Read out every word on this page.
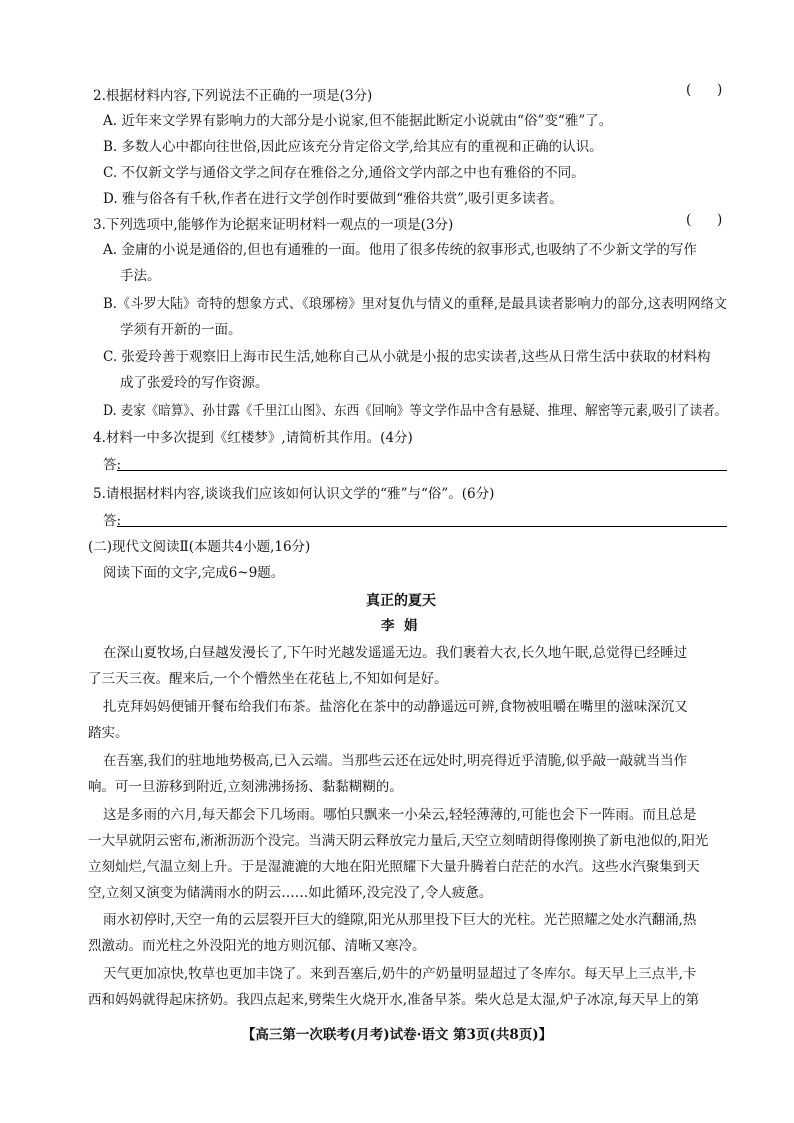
2.根据材料内容,下列说法不正确的一项是(3分)	(      )
A. 近年来文学界有影响力的大部分是小说家,但不能据此断定小说就由“俗”变“雅”了。
B. 多数人心中都向往世俗,因此应该充分肯定俗文学,给其应有的重视和正确的认识。
C. 不仅新文学与通俗文学之间存在雅俗之分,通俗文学内部之中也有雅俗的不同。
D. 雅与俗各有千秋,作者在进行文学创作时要做到“雅俗共赏”,吸引更多读者。
3.下列选项中,能够作为论据来证明材料一观点的一项是(3分)	(      )
A. 金庸的小说是通俗的,但也有通雅的一面。他用了很多传统的叙事形式,也吸纳了不少新文学的写作
手法。
B.《斗罗大陆》奇特的想象方式、《琅琊榜》里对复仇与情义的重释,是最具读者影响力的部分,这表明网络文
学须有开新的一面。
C. 张爱玲善于观察旧上海市民生活,她称自己从小就是小报的忠实读者,这些从日常生活中获取的材料构
成了张爱玲的写作资源。
D. 麦家《暗算》、孙甘露《千里江山图》、东西《回响》等文学作品中含有悬疑、推理、解密等元素,吸引了读者。
4.材料一中多次提到《红楼梦》,请简析其作用。(4分)
答:
5.请根据材料内容,谈谈我们应该如何认识文学的“雅”与“俗”。(6分)
答:
(二)现代文阅读Ⅱ(本题共4小题,16分)
阅读下面的文字,完成6~9题。
真正的夏天
李  娟
在深山夏牧场,白昼越发漫长了,下午时光越发遥遥无边。我们裹着大衣,长久地午眠,总觉得已经睡过
了三天三夜。醒来后,一个个懵然坐在花毡上,不知如何是好。
扎克拜妈妈便铺开餐布给我们布茶。盐溶化在茶中的动静遥远可辨,食物被咀嚼在嘴里的滋味深沉又
踏实。
在吾塞,我们的驻地地势极高,已入云端。当那些云还在远处时,明亮得近乎清脆,似乎敲一敲就当当作
响。可一旦游移到附近,立刻沸沸扬扬、黏黏糊糊的。
这是多雨的六月,每天都会下几场雨。哪怕只飘来一小朵云,轻轻薄薄的,可能也会下一阵雨。而且总是
一大早就阴云密布,淅淅沥沥个没完。当满天阴云释放完力量后,天空立刻晴朗得像刚换了新电池似的,阳光
立刻灿烂,气温立刻上升。于是湿漉漉的大地在阳光照耀下大量升腾着白茫茫的水汽。这些水汽聚集到天
空,立刻又演变为储满雨水的阴云……如此循环,没完没了,令人疲惫。
雨水初停时,天空一角的云层裂开巨大的缝隙,阳光从那里投下巨大的光柱。光芒照耀之处水汽翻涌,热
烈激动。而光柱之外没阳光的地方则沉郁、清晰又寒冷。
天气更加凉快,牧草也更加丰饶了。来到吾塞后,奶牛的产奶量明显超过了冬库尔。每天早上三点半,卡
西和妈妈就得起床挤奶。我四点起来,劈柴生火烧开水,准备早茶。柴火总是太湿,炉子冰凉,每天早上的第
【高三第一次联考(月考)试卷·语文 第3页(共8页)】
